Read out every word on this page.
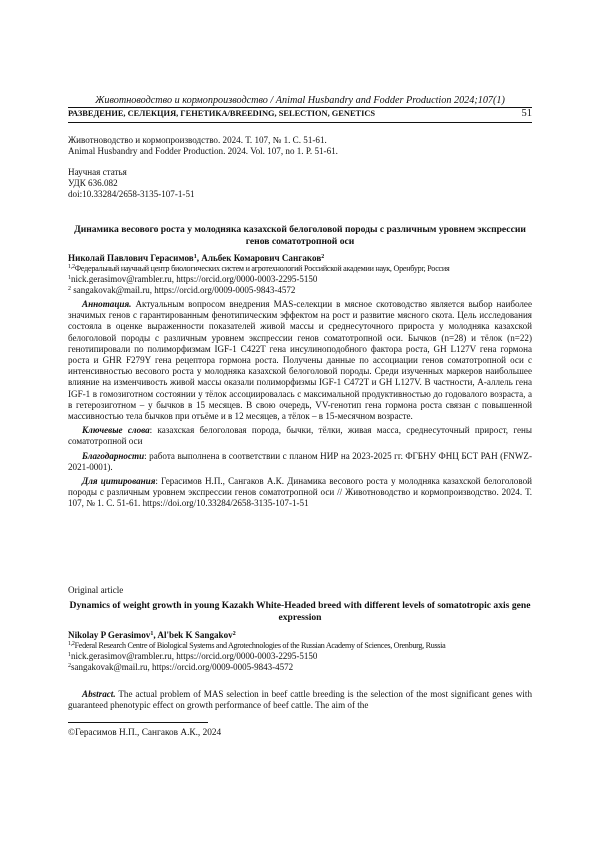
Животноводство и кормопроизводство / Animal Husbandry and Fodder Production 2024;107(1)
РАЗВЕДЕНИЕ, СЕЛЕКЦИЯ, ГЕНЕТИКА/BREEDING, SELECTION, GENETICS	51
Животноводство и кормопроизводство. 2024. Т. 107, № 1. С. 51-61.
Animal Husbandry and Fodder Production. 2024. Vol. 107, no 1. P. 51-61.
Научная статья
УДК 636.082
doi:10.33284/2658-3135-107-1-51
Динамика весового роста у молодняка казахской белоголовой породы с различным уровнем экспрессии генов соматотропной оси
Николай Павлович Герасимов$^1$, Альбек Комарович Сангаков$^2$
$^{1,2}$Федеральный научный центр биологических систем и агротехнологий Российской академии наук, Оренбург, Россия
$^1$nick.gerasimov@rambler.ru, https://orcid.org/0000-0003-2295-5150
$^2$ sangakovak@mail.ru, https://orcid.org/0009-0005-9843-4572

Аннотация. Актуальным вопросом внедрения MAS-селекции в мясное скотоводство является выбор наиболее значимых генов с гарантированным фенотипическим эффектом на рост и развитие мясного скота. Цель исследования состояла в оценке выраженности показателей живой массы и среднесуточного прироста у молодняка казахской белоголовой породы с различным уровнем экспрессии генов соматотропной оси. Бычков (n=28) и тёлок (n=22) генотипировали по полиморфизмам IGF-1 C422T гена инсулиноподобного фактора роста, GH L127V гена гормона роста и GHR F279Y гена рецептора гормона роста. Получены данные по ассоциации генов соматотропной оси с интенсивностью весового роста у молодняка казахской белоголовой породы. Среди изученных маркеров наибольшее влияние на изменчивость живой массы оказали полиморфизмы IGF-1 C472T и GH L127V. В частности, А-аллель гена IGF-1 в гомозиготном состоянии у тёлок ассоциировалась с максимальной продуктивностью до годовалого возраста, а в гетерозиготном – у бычков в 15 месяцев. В свою очередь, VV-генотип гена гормона роста связан с повышенной массивностью тела бычков при отъёме и в 12 месяцев, а тёлок – в 15-месячном возрасте.

Ключевые слова: казахская белоголовая порода, бычки, тёлки, живая масса, среднесуточный прирост, гены соматотропной оси

Благодарности: работа выполнена в соответствии с планом НИР на 2023-2025 гг. ФГБНУ ФНЦ БСТ РАН (FNWZ-2021-0001).

Для цитирования: Герасимов Н.П., Сангаков А.К. Динамика весового роста у молодняка казахской белоголовой породы с различным уровнем экспрессии генов соматотропной оси // Животноводство и кормопроизводство. 2024. Т. 107, № 1. С. 51-61. https://doi.org/10.33284/2658-3135-107-1-51

Original article
Dynamics of weight growth in young Kazakh White-Headed breed with different levels of somatotropic axis gene expression
Nikolay P Gerasimov$^1$, Al'bek K Sangakov$^2$
$^{1,2}$Federal Research Centre of Biological Systems and Agrotechnologies of the Russian Academy of Sciences, Orenburg, Russia
$^1$nick.gerasimov@rambler.ru, https://orcid.org/0000-0003-2295-5150
$^2$sangakovak@mail.ru, https://orcid.org/0009-0005-9843-4572

Abstract. The actual problem of MAS selection in beef cattle breeding is the selection of the most significant genes with guaranteed phenotypic effect on growth performance of beef cattle. The aim of the

©Герасимов Н.П., Сангаков А.К., 2024
